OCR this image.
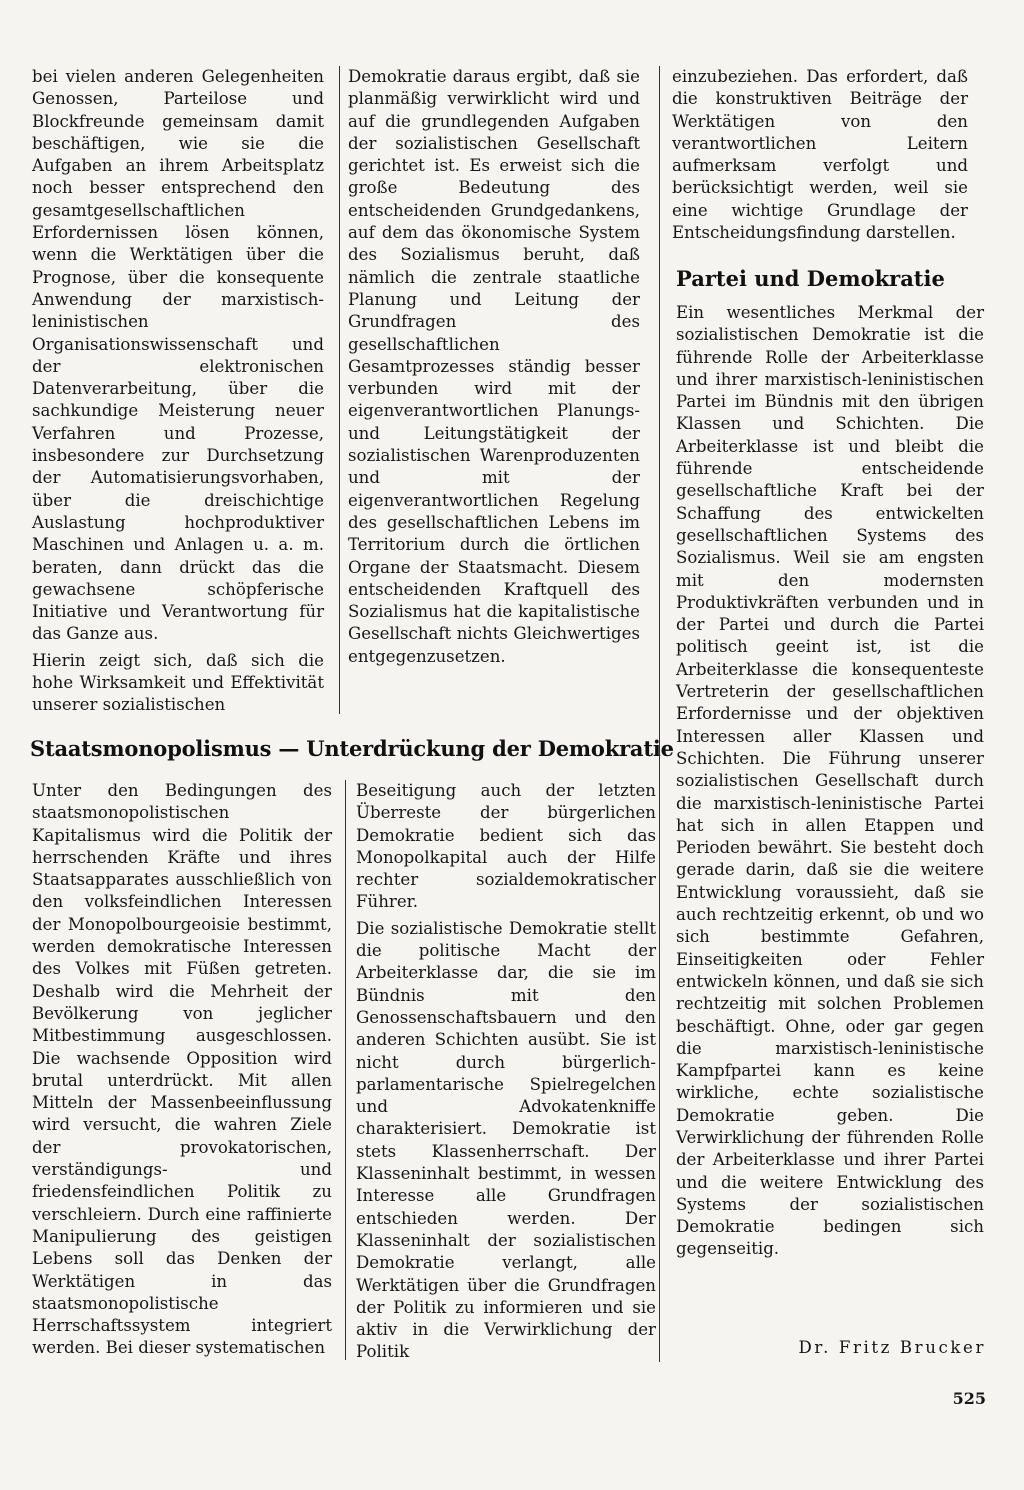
bei vielen anderen Gelegenheiten Genossen, Parteilose und Blockfreunde gemeinsam damit beschäftigen, wie sie die Aufgaben an ihrem Arbeitsplatz noch besser entsprechend den gesamtgesellschaftlichen Erfordernissen lösen können, wenn die Werktätigen über die Prognose, über die konsequente Anwendung der marxistisch-leninistischen Organisationswissenschaft und der elektronischen Datenverarbeitung, über die sachkundige Meisterung neuer Verfahren und Prozesse, insbesondere zur Durchsetzung der Automatisierungsvorhaben, über die dreischichtige Auslastung hochproduktiver Maschinen und Anlagen u. a. m. beraten, dann drückt das die gewachsene schöpferische Initiative und Verantwortung für das Ganze aus.

Hierin zeigt sich, daß sich die hohe Wirksamkeit und Effektivität unserer sozialistischen

Demokratie daraus ergibt, daß sie planmäßig verwirklicht wird und auf die grundlegenden Aufgaben der sozialistischen Gesellschaft gerichtet ist. Es erweist sich die große Bedeutung des entscheidenden Grundgedankens, auf dem das ökonomische System des Sozialismus beruht, daß nämlich die zentrale staatliche Planung und Leitung der Grundfragen des gesellschaftlichen Gesamtprozesses ständig besser verbunden wird mit der eigenverantwortlichen Planungs- und Leitungstätigkeit der sozialistischen Warenproduzenten und mit der eigenverantwortlichen Regelung des gesellschaftlichen Lebens im Territorium durch die örtlichen Organe der Staatsmacht. Diesem entscheidenden Kraftquell des Sozialismus hat die kapitalistische Gesellschaft nichts Gleichwertiges entgegenzusetzen.

Staatsmonopolismus — Unterdrückung der Demokratie

Unter den Bedingungen des staatsmonopolistischen Kapitalismus wird die Politik der herrschenden Kräfte und ihres Staatsapparates ausschließlich von den volksfeindlichen Interessen der Monopolbourgeoisie bestimmt, werden demokratische Interessen des Volkes mit Füßen getreten. Deshalb wird die Mehrheit der Bevölkerung von jeglicher Mitbestimmung ausgeschlossen. Die wachsende Opposition wird brutal unterdrückt. Mit allen Mitteln der Massenbeeinflussung wird versucht, die wahren Ziele der provokatorischen, verständigungs- und friedensfeindlichen Politik zu verschleiern. Durch eine raffinierte Manipulierung des geistigen Lebens soll das Denken der Werktätigen in das staatsmonopolistische Herrschaftssystem integriert werden. Bei dieser systematischen

Beseitigung auch der letzten Überreste der bürgerlichen Demokratie bedient sich das Monopolkapital auch der Hilfe rechter sozialdemokratischer Führer.

Die sozialistische Demokratie stellt die politische Macht der Arbeiterklasse dar, die sie im Bündnis mit den Genossenschaftsbauern und den anderen Schichten ausübt. Sie ist nicht durch bürgerlich-parlamentarische Spielregelchen und Advokatenkniffe charakterisiert. Demokratie ist stets Klassenherrschaft. Der Klasseninhalt bestimmt, in wessen Interesse alle Grundfragen entschieden werden. Der Klasseninhalt der sozialistischen Demokratie verlangt, alle Werktätigen über die Grundfragen der Politik zu informieren und sie aktiv in die Verwirklichung der Politik

einzubeziehen. Das erfordert, daß die konstruktiven Beiträge der Werktätigen von den verantwortlichen Leitern aufmerksam verfolgt und berücksichtigt werden, weil sie eine wichtige Grundlage der Entscheidungsfindung darstellen.

Partei und Demokratie

Ein wesentliches Merkmal der sozialistischen Demokratie ist die führende Rolle der Arbeiterklasse und ihrer marxistisch-leninistischen Partei im Bündnis mit den übrigen Klassen und Schichten. Die Arbeiterklasse ist und bleibt die führende entscheidende gesellschaftliche Kraft bei der Schaffung des entwickelten gesellschaftlichen Systems des Sozialismus. Weil sie am engsten mit den modernsten Produktivkräften verbunden und in der Partei und durch die Partei politisch geeint ist, ist die Arbeiterklasse die konsequenteste Vertreterin der gesellschaftlichen Erfordernisse und der objektiven Interessen aller Klassen und Schichten. Die Führung unserer sozialistischen Gesellschaft durch die marxistisch-leninistische Partei hat sich in allen Etappen und Perioden bewährt. Sie besteht doch gerade darin, daß sie die weitere Entwicklung voraussieht, daß sie auch rechtzeitig erkennt, ob und wo sich bestimmte Gefahren, Einseitigkeiten oder Fehler entwickeln können, und daß sie sich rechtzeitig mit solchen Problemen beschäftigt. Ohne, oder gar gegen die marxistisch-leninistische Kampfpartei kann es keine wirkliche, echte sozialistische Demokratie geben. Die Verwirklichung der führenden Rolle der Arbeiterklasse und ihrer Partei und die weitere Entwicklung des Systems der sozialistischen Demokratie bedingen sich gegenseitig.

Dr. Fritz Brucker
525
